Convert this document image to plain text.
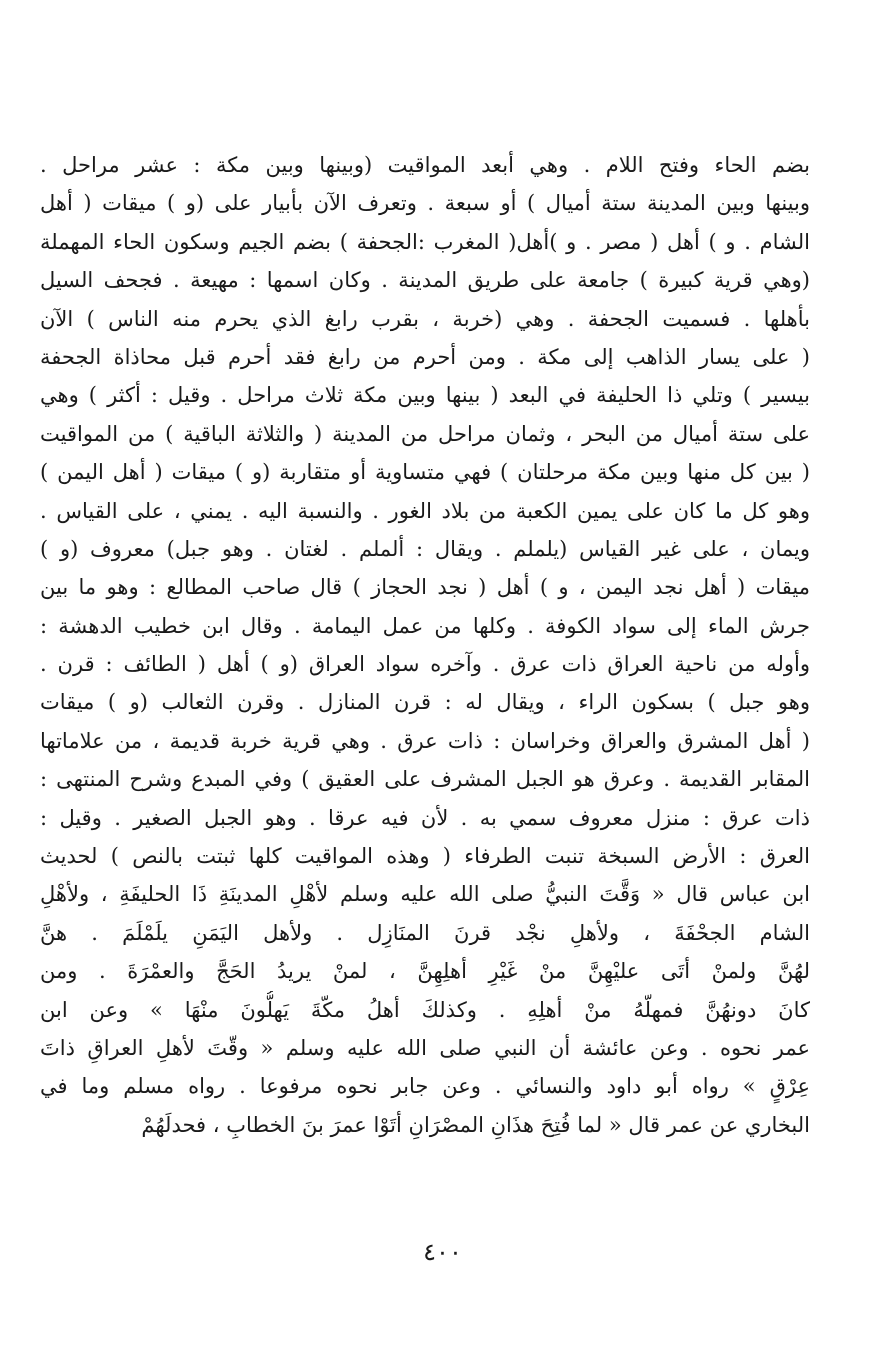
بضم الحاء وفتح اللام . وهي أبعد المواقيت (وبينها وبين مكة : عشر مراحل .
وبينها وبين المدينة ستة أميال ) أو سبعة . وتعرف الآن بأبيار على (و ) ميقات ( أهل
الشام . و ) أهل ( مصر . و )أهل( المغرب :الجحفة ) بضم الجيم وسكون الحاء المهملة
(وهي قرية كبيرة ) جامعة على طريق المدينة . وكان اسمها : مهيعة . فجحف السيل
بأهلها . فسميت الجحفة . وهي (خربة ، بقرب رابغ الذي يحرم منه الناس ) الآن
( على يسار الذاهب إلى مكة . ومن أحرم من رابغ فقد أحرم قبل محاذاة الجحفة
بيسير ) وتلي ذا الحليفة في البعد ( بينها وبين مكة ثلاث مراحل . وقيل : أكثر ) وهي
على ستة أميال من البحر ، وثمان مراحل من المدينة ( والثلاثة الباقية ) من المواقيت
( بين كل منها وبين مكة مرحلتان ) فهي متساوية أو متقاربة (و ) ميقات ( أهل اليمن )
وهو كل ما كان على يمين الكعبة من بلاد الغور . والنسبة اليه . يمني ، على القياس .
ويمان ، على غير القياس (يلملم . ويقال : ألملم . لغتان . وهو جبل) معروف (و )
ميقات ( أهل نجد اليمن ، و ) أهل ( نجد الحجاز ) قال صاحب المطالع : وهو ما بين
جرش الماء إلى سواد الكوفة . وكلها من عمل اليمامة . وقال ابن خطيب الدهشة :
وأوله من ناحية العراق ذات عرق . وآخره سواد العراق (و ) أهل ( الطائف : قرن .
وهو جبل ) بسكون الراء ، ويقال له : قرن المنازل . وقرن الثعالب (و ) ميقات
( أهل المشرق والعراق وخراسان : ذات عرق . وهي قرية خربة قديمة ، من علاماتها
المقابر القديمة . وعرق هو الجبل المشرف على العقيق ) وفي المبدع وشرح المنتهى :
ذات عرق : منزل معروف سمي به . لأن فيه عرقا . وهو الجبل الصغير . وقيل :
العرق : الأرض السبخة تنبت الطرفاء ( وهذه المواقيت كلها ثبتت بالنص ) لحديث
ابن عباس قال « وَقَّتَ النبيُّ صلى الله عليه وسلم لأهْلِ المدينَةِ ذَا الحليفَةِ ، ولأهْلِ
الشام الجحْفَةَ ، ولأهلِ نجْد قرنَ المنَازِل . ولأهل اليَمَنِ يلَمْلَمَ . هنَّ
لهُنَّ ولمنْ أتَى عليْهِنَّ منْ غَيْرِ أهلِهِنَّ ، لمنْ يريدُ الحَجَّ والعمْرَةَ . ومن
كانَ دونهُنَّ فمهلّهُ منْ أهلِهِ . وكذلكَ أهلُ مكّةَ يَهلُّونَ منْهَا » وعن ابن
عمر نحوه . وعن عائشة أن النبي صلى الله عليه وسلم « وقّتَ لأهلِ العراقِ ذاتَ
عِرْقٍ » رواه أبو داود والنسائي . وعن جابر نحوه مرفوعا . رواه مسلم وما في
البخاري عن عمر قال « لما فُتِحَ هذَانِ المصْرَانِ أتَوْا عمرَ بنَ الخطابِ ، فحدلَهُمْ
٤٠٠
